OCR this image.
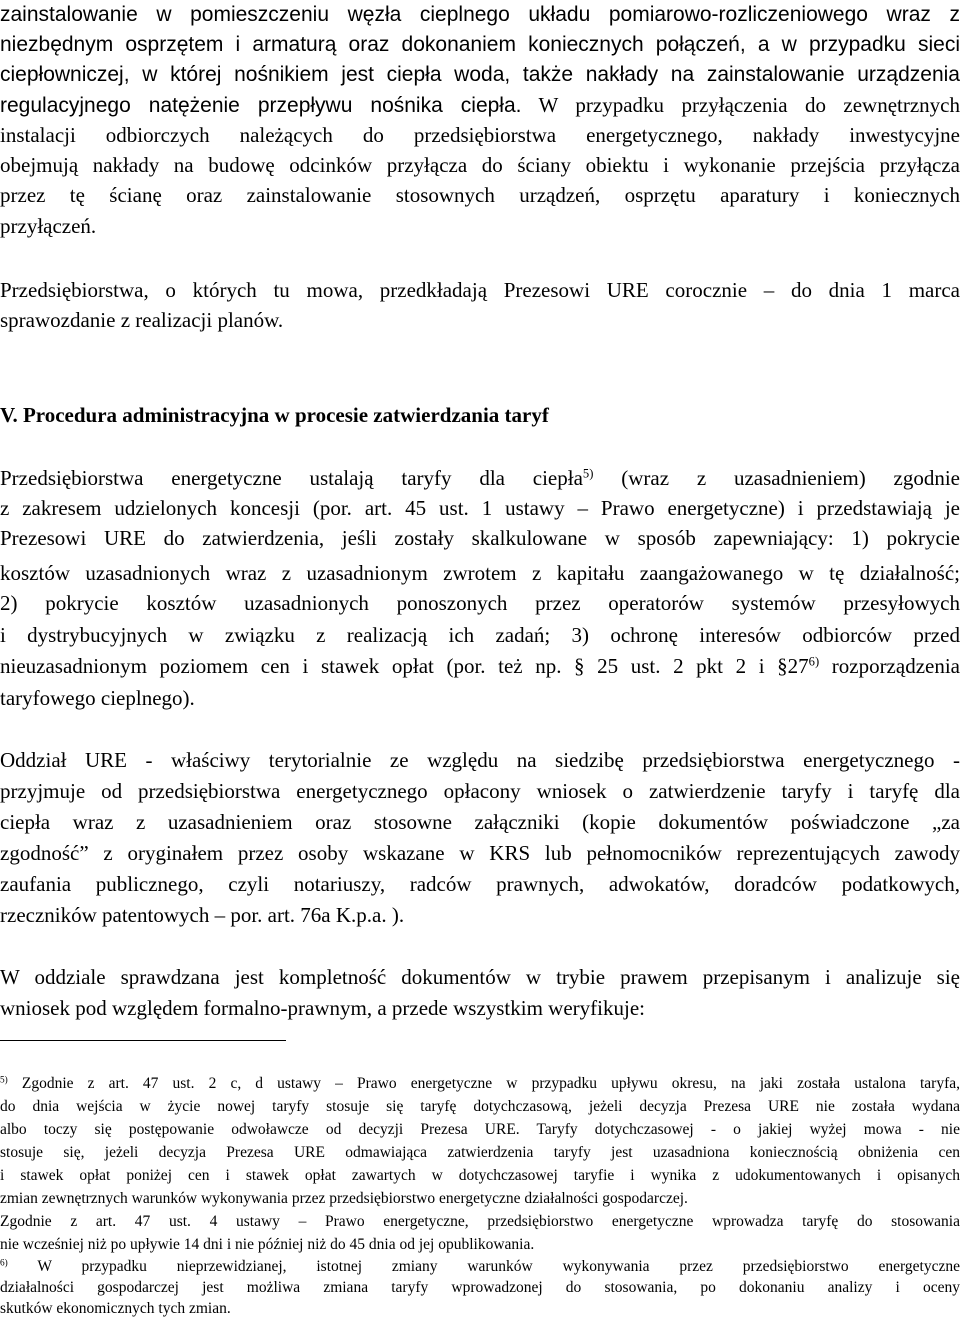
zainstalowanie w pomieszczeniu węzła cieplnego układu pomiarowo-rozliczeniowego wraz z
niezbędnym osprzętem i armaturą oraz dokonaniem koniecznych połączeń, a w przypadku sieci
ciepłowniczej, w której nośnikiem jest ciepła woda, także nakłady na zainstalowanie urządzenia
regulacyjnego natężenie przepływu nośnika ciepła. W przypadku przyłączenia do zewnętrznych
instalacji odbiorczych należących do przedsiębiorstwa energetycznego, nakłady inwestycyjne
obejmują nakłady na budowę odcinków przyłącza do ściany obiektu i wykonanie przejścia przyłącza
przez tę ścianę oraz zainstalowanie stosownych urządzeń, osprzętu aparatury i koniecznych
przyłączeń.
Przedsiębiorstwa, o których tu mowa, przedkładają Prezesowi URE corocznie – do dnia 1 marca
sprawozdanie z realizacji planów.
V. Procedura administracyjna w procesie zatwierdzania taryf
Przedsiębiorstwa energetyczne ustalają taryfy dla ciepła$^{5)}$ (wraz z uzasadnieniem) zgodnie
z zakresem udzielonych koncesji (por. art. 45 ust. 1 ustawy – Prawo energetyczne) i przedstawiają je
Prezesowi URE do zatwierdzenia, jeśli zostały skalkulowane w sposób zapewniający: 1) pokrycie
kosztów uzasadnionych wraz z uzasadnionym zwrotem z kapitału zaangażowanego w tę działalność;
2) pokrycie kosztów uzasadnionych ponoszonych przez operatorów systemów przesyłowych
i dystrybucyjnych w związku z realizacją ich zadań; 3) ochronę interesów odbiorców przed
nieuzasadnionym poziomem cen i stawek opłat (por. też np. § 25 ust. 2 pkt 2 i §27$^{6)}$ rozporządzenia
taryfowego cieplnego).
Oddział URE - właściwy terytorialnie ze względu na siedzibę przedsiębiorstwa energetycznego -
przyjmuje od przedsiębiorstwa energetycznego opłacony wniosek o zatwierdzenie taryfy i taryfę dla
ciepła wraz z uzasadnieniem oraz stosowne załączniki (kopie dokumentów poświadczone „za
zgodność” z oryginałem przez osoby wskazane w KRS lub pełnomocników reprezentujących zawody
zaufania publicznego, czyli notariuszy, radców prawnych, adwokatów, doradców podatkowych,
rzeczników patentowych – por. art. 76a K.p.a. ).
W oddziale sprawdzana jest kompletność dokumentów w trybie prawem przepisanym i analizuje się
wniosek pod względem formalno-prawnym, a przede wszystkim weryfikuje:
$^{5)}$ Zgodnie z art. 47 ust. 2 c, d ustawy – Prawo energetyczne w przypadku upływu okresu, na jaki została ustalona taryfa,
do dnia wejścia w życie nowej taryfy stosuje się taryfę dotychczasową, jeżeli decyzja Prezesa URE nie została wydana
albo toczy się postępowanie odwoławcze od decyzji Prezesa URE. Taryfy dotychczasowej - o jakiej wyżej mowa - nie
stosuje się, jeżeli decyzja Prezesa URE odmawiająca zatwierdzenia taryfy jest uzasadniona koniecznością obniżenia cen
i stawek opłat poniżej cen i stawek opłat zawartych w dotychczasowej taryfie i wynika z udokumentowanych i opisanych
zmian zewnętrznych warunków wykonywania przez przedsiębiorstwo energetyczne działalności gospodarczej.
Zgodnie z art. 47 ust. 4 ustawy – Prawo energetyczne, przedsiębiorstwo energetyczne wprowadza taryfę do stosowania
nie wcześniej niż po upływie 14 dni i nie później niż do 45 dnia od jej opublikowania.
$^{6)}$ W przypadku nieprzewidzianej, istotnej zmiany warunków wykonywania przez przedsiębiorstwo energetyczne
działalności gospodarczej jest możliwa zmiana taryfy wprowadzonej do stosowania, po dokonaniu analizy i oceny
skutków ekonomicznych tych zmian.
